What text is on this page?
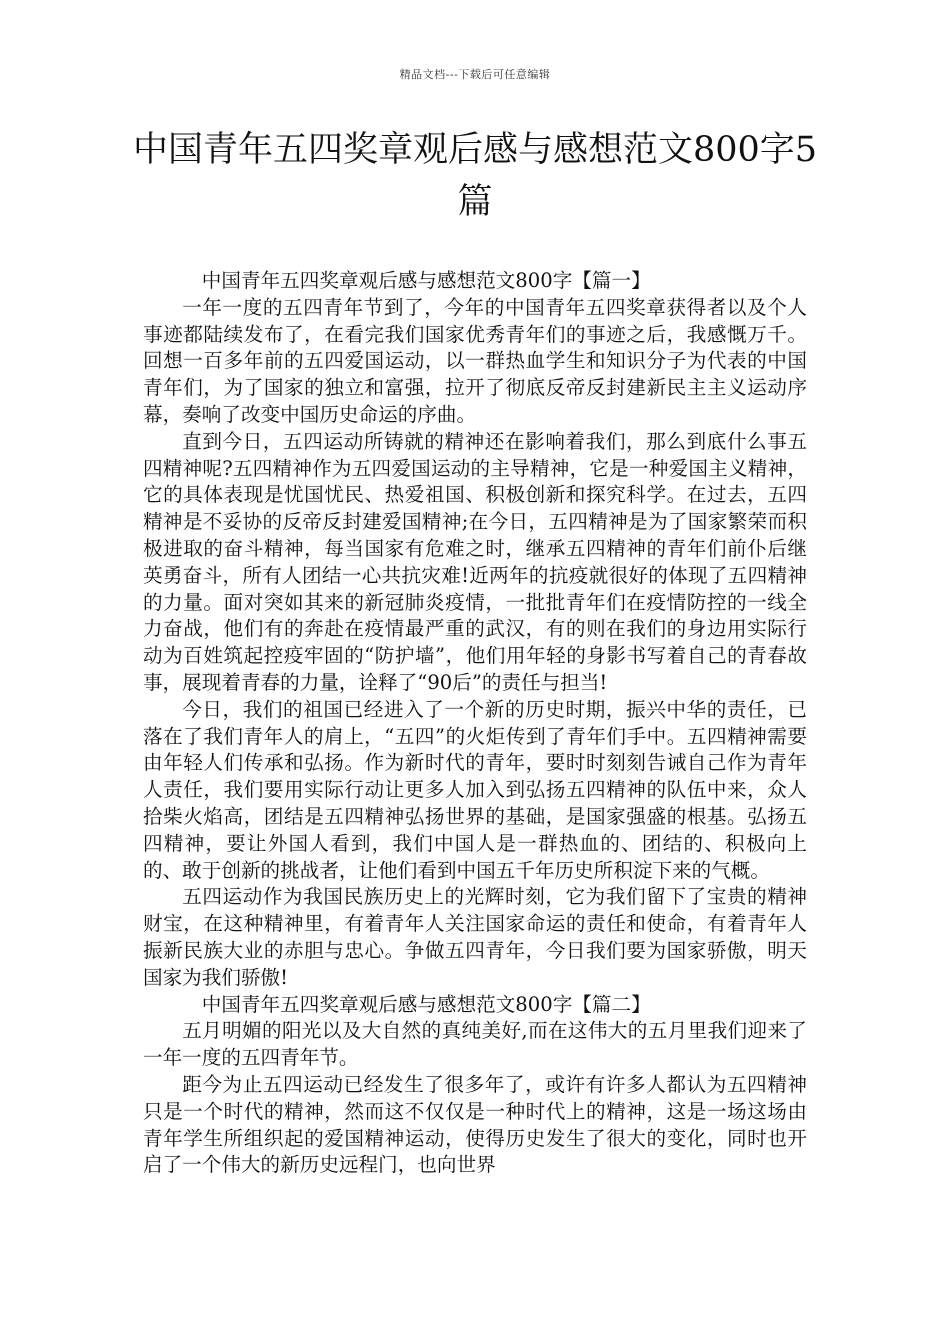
精品文档---下载后可任意编辑
中国青年五四奖章观后感与感想范文800字5篇

中国青年五四奖章观后感与感想范文800字【篇一】

一年一度的五四青年节到了，今年的中国青年五四奖章获得者以及个人事迹都陆续发布了，在看完我们国家优秀青年们的事迹之后，我感慨万千。回想一百多年前的五四爱国运动，以一群热血学生和知识分子为代表的中国青年们，为了国家的独立和富强，拉开了彻底反帝反封建新民主主义运动序幕，奏响了改变中国历史命运的序曲。

直到今日，五四运动所铸就的精神还在影响着我们，那么到底什么事五四精神呢?五四精神作为五四爱国运动的主导精神，它是一种爱国主义精神，它的具体表现是忧国忧民、热爱祖国、积极创新和探究科学。在过去，五四精神是不妥协的反帝反封建爱国精神;在今日，五四精神是为了国家繁荣而积极进取的奋斗精神，每当国家有危难之时，继承五四精神的青年们前仆后继英勇奋斗，所有人团结一心共抗灾难!近两年的抗疫就很好的体现了五四精神的力量。面对突如其来的新冠肺炎疫情，一批批青年们在疫情防控的一线全力奋战，他们有的奔赴在疫情最严重的武汉，有的则在我们的身边用实际行动为百姓筑起控疫牢固的“防护墙”，他们用年轻的身影书写着自己的青春故事，展现着青春的力量，诠释了“90后”的责任与担当!

今日，我们的祖国已经进入了一个新的历史时期，振兴中华的责任，已落在了我们青年人的肩上，“五四”的火炬传到了青年们手中。五四精神需要由年轻人们传承和弘扬。作为新时代的青年，要时时刻刻告诫自己作为青年人责任，我们要用实际行动让更多人加入到弘扬五四精神的队伍中来，众人拾柴火焰高，团结是五四精神弘扬世界的基础，是国家强盛的根基。弘扬五四精神，要让外国人看到，我们中国人是一群热血的、团结的、积极向上的、敢于创新的挑战者，让他们看到中国五千年历史所积淀下来的气概。

五四运动作为我国民族历史上的光辉时刻，它为我们留下了宝贵的精神财宝，在这种精神里，有着青年人关注国家命运的责任和使命，有着青年人振新民族大业的赤胆与忠心。争做五四青年，今日我们要为国家骄傲，明天国家为我们骄傲!

中国青年五四奖章观后感与感想范文800字【篇二】

五月明媚的阳光以及大自然的真纯美好,而在这伟大的五月里我们迎来了一年一度的五四青年节。

距今为止五四运动已经发生了很多年了，或许有许多人都认为五四精神只是一个时代的精神，然而这不仅仅是一种时代上的精神，这是一场这场由青年学生所组织起的爱国精神运动，使得历史发生了很大的变化，同时也开启了一个伟大的新历史远程门，也向世界
